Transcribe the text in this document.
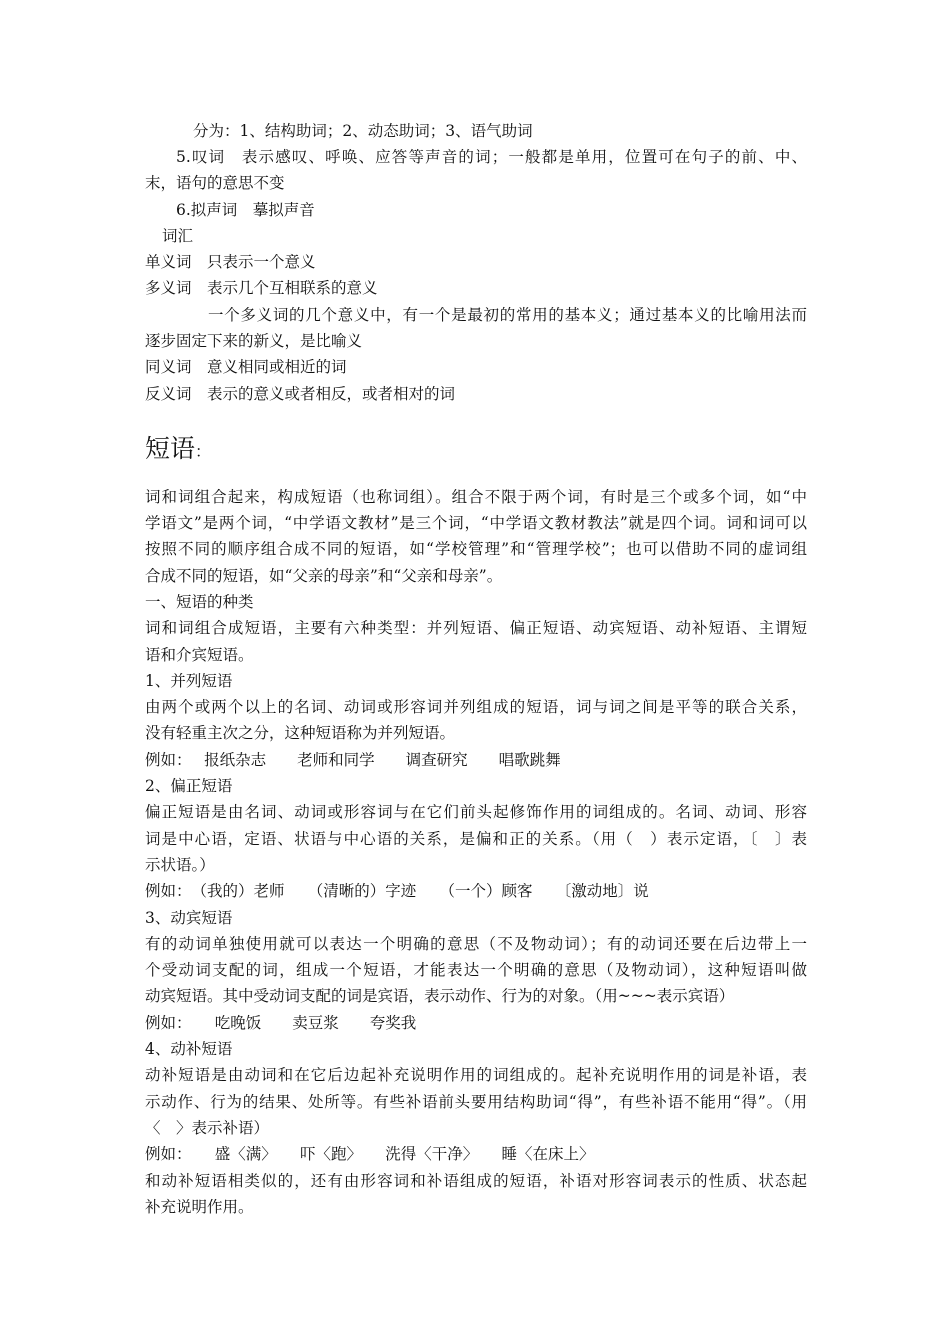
分为：1、结构助词；2、动态助词；3、语气助词
5.叹词　表示感叹、呼唤、应答等声音的词；一般都是单用，位置可在句子的前、中、
末，语句的意思不变
6.拟声词　摹拟声音
词汇
单义词　只表示一个意义
多义词　表示几个互相联系的意义
一个多义词的几个意义中，有一个是最初的常用的基本义；通过基本义的比喻用法而
逐步固定下来的新义，是比喻义
同义词　意义相同或相近的词
反义词　表示的意义或者相反，或者相对的词
短语：
词和词组合起来，构成短语（也称词组）。组合不限于两个词，有时是三个或多个词，如“中
学语文”是两个词，“中学语文教材”是三个词，“中学语文教材教法”就是四个词。词和词可以
按照不同的顺序组合成不同的短语，如“学校管理”和“管理学校”；也可以借助不同的虚词组
合成不同的短语，如“父亲的母亲”和“父亲和母亲”。
一、短语的种类
词和词组合成短语，主要有六种类型：并列短语、偏正短语、动宾短语、动补短语、主谓短
语和介宾短语。
1、并列短语
由两个或两个以上的名词、动词或形容词并列组成的短语，词与词之间是平等的联合关系，
没有轻重主次之分，这种短语称为并列短语。
例如：　 报纸杂志　　老师和同学　　调查研究　　唱歌跳舞
2、偏正短语
偏正短语是由名词、动词或形容词与在它们前头起修饰作用的词组成的。名词、动词、形容
词是中心语，定语、状语与中心语的关系，是偏和正的关系。（用（　）表示定语，〔　〕表
示状语。）
例如：　（我的）老师　　（清晰的）字迹　　（一个）顾客　　〔激动地〕说
3、动宾短语
有的动词单独使用就可以表达一个明确的意思（不及物动词）；有的动词还要在后边带上一
个受动词支配的词，组成一个短语，才能表达一个明确的意思（及物动词），这种短语叫做
动宾短语。其中受动词支配的词是宾语，表示动作、行为的对象。（用~~~表示宾语）
例如：　　吃晚饭　　卖豆浆　　夸奖我
4、动补短语
动补短语是由动词和在它后边起补充说明作用的词组成的。起补充说明作用的词是补语，表
示动作、行为的结果、处所等。有些补语前头要用结构助词“得”，有些补语不能用“得”。（用
〈　〉表示补语）
例如：　　盛〈满〉　　吓〈跑〉　　洗得〈干净〉　　睡〈在床上〉
和动补短语相类似的，还有由形容词和补语组成的短语，补语对形容词表示的性质、状态起
补充说明作用。
